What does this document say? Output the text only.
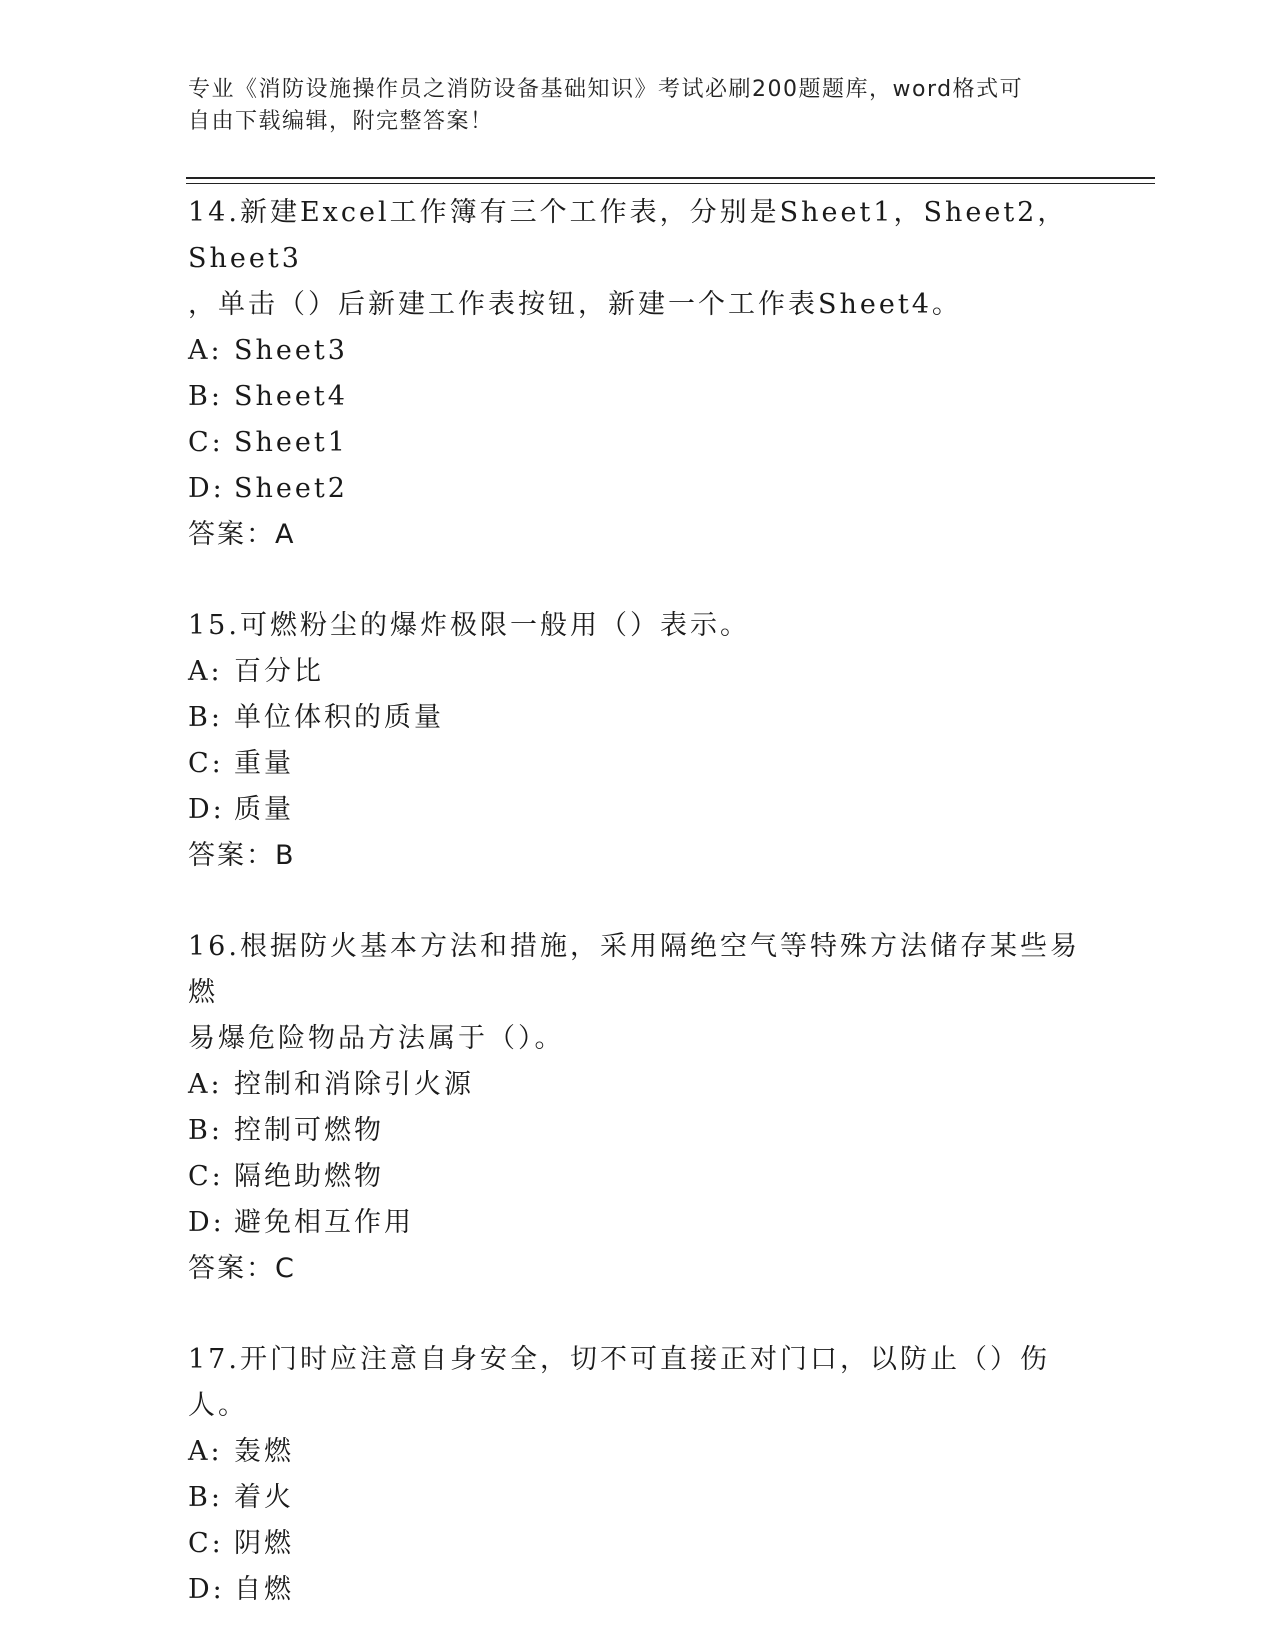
专业《消防设施操作员之消防设备基础知识》考试必刷200题题库，word格式可
自由下载编辑，附完整答案！

14.新建Excel工作簿有三个工作表，分别是Sheet1，Sheet2，Sheet3

，单击（）后新建工作表按钮，新建一个工作表Sheet4。

A: Sheet3

B: Sheet4

C: Sheet1

D: Sheet2

答案：A

15.可燃粉尘的爆炸极限一般用（）表示。

A: 百分比

B: 单位体积的质量

C: 重量

D: 质量

答案：B

16.根据防火基本方法和措施，采用隔绝空气等特殊方法储存某些易燃

易爆危险物品方法属于（）。

A: 控制和消除引火源

B: 控制可燃物

C: 隔绝助燃物

D: 避免相互作用

答案：C

17.开门时应注意自身安全，切不可直接正对门口，以防止（）伤人。

A: 轰燃

B: 着火

C: 阴燃

D: 自燃
